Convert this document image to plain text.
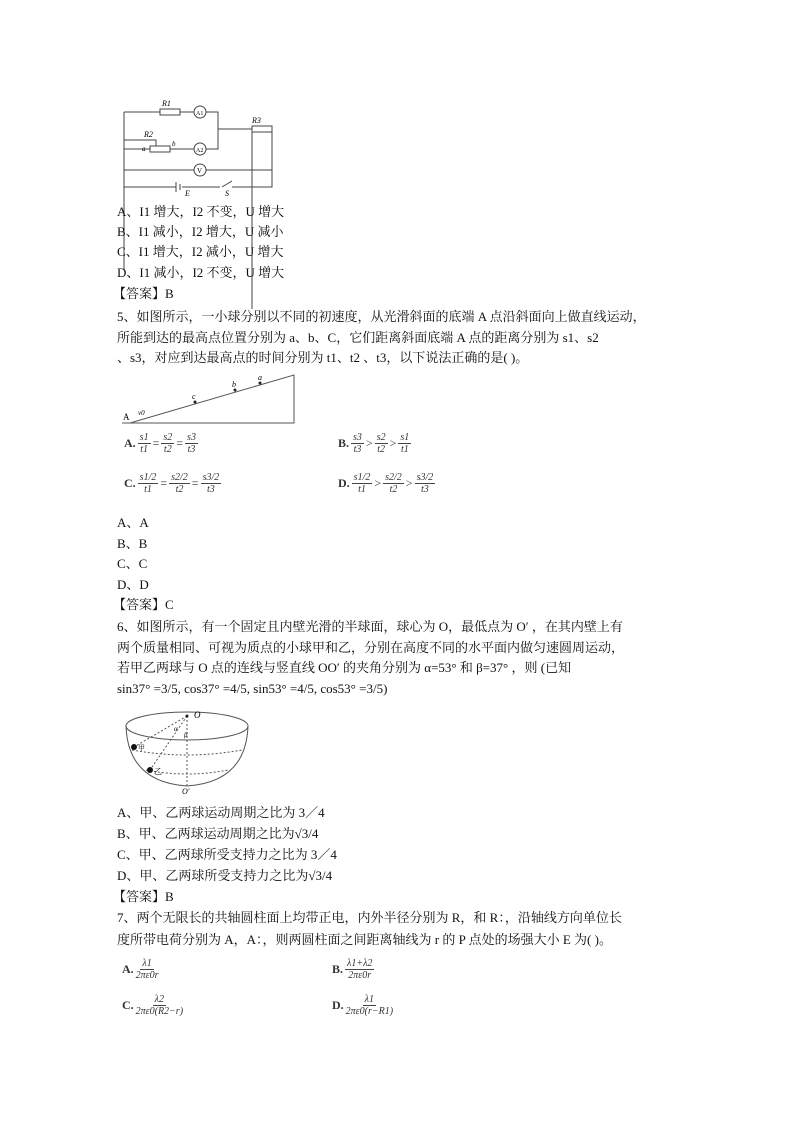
R1
R3
R2
A1
A2
V
E	S
a
b
A、I1 增大，I2 不变，U 增大
B、I1 减小，I2 增大，U 减小
C、I1 增大，I2 减小，U 增大
D、I1 减小，I2 不变，U 增大
【答案】B
5、如图所示，一小球分别以不同的初速度，从光滑斜面的底端 A 点沿斜面向上做直线运动，
所能到达的最高点位置分别为 a、b、C，它们距离斜面底端 A 点的距离分别为 s1、s2
、s3，对应到达最高点的时间分别为 t1、t2 、t3，以下说法正确的是( )。
A v0
c
b
a
A. $\frac{s1}{t1} = \frac{s2}{t2} = \frac{s3}{t3}$	B. $\frac{s3}{t3} > \frac{s2}{t2} > \frac{s1}{t1}$
C. $\frac{s1/2}{t1} = \frac{s2/2}{t2} = \frac{s3/2}{t3}$	D. $\frac{s1/2}{t1} > \frac{s2/2}{t2} > \frac{s3/2}{t3}$
A、A
B、B
C、C
D、D
【答案】C
6、如图所示，有一个固定且内壁光滑的半球面，球心为 O，最低点为 O′ ，在其内壁上有
两个质量相同、可视为质点的小球甲和乙，分别在高度不同的水平面内做匀速圆周运动，
若甲乙两球与 O 点的连线与竖直线 OO′ 的夹角分别为 α=53° 和 β=37° ，则 (已知
sin37° =3/5, cos37° =4/5, sin53° =4/5, cos53° =3/5)
O
O′
α
β
甲
乙
A、甲、乙两球运动周期之比为 3／4
B、甲、乙两球运动周期之比为√3/4
C、甲、乙两球所受支持力之比为 3／4
D、甲、乙两球所受支持力之比为√3/4
【答案】B
7、两个无限长的共轴圆柱面上均带正电，内外半径分别为 R，和 R：，沿轴线方向单位长
度所带电荷分别为 A，A：，则两圆柱面之间距离轴线为 r 的 P 点处的场强大小 E 为( )。
A. $\frac{\lambda 1}{2\pi\varepsilon 0r}$	B. $\frac{\lambda 1+\lambda 2}{2\pi\varepsilon 0r}$
C. $\frac{\lambda 2}{2\pi\varepsilon 0(R2-r)}$	D. $\frac{\lambda 1}{2\pi\varepsilon 0(r-R1)}$
